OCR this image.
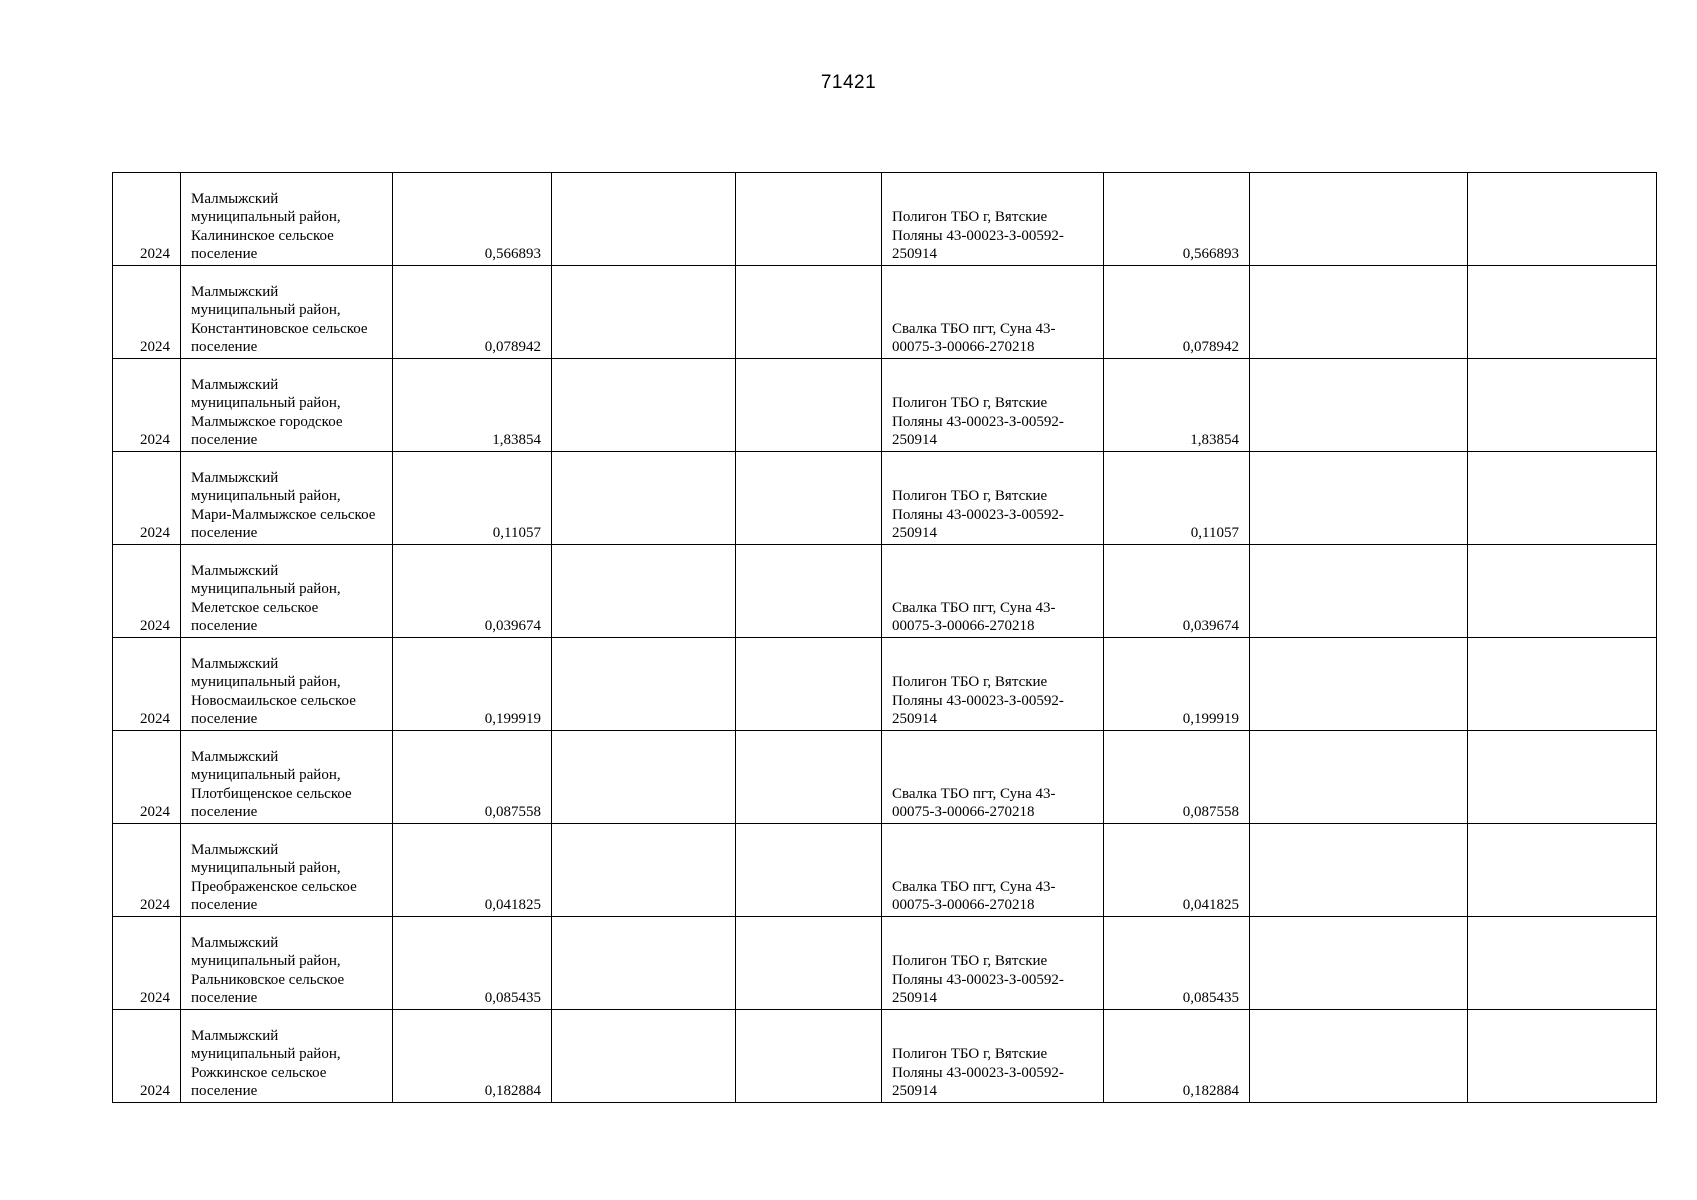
71421
2024	Малмыжский муниципальный район, Калининское сельское поселение	0,566893			Полигон ТБО г, Вятские Поляны 43-00023-З-00592-250914	0,566893		

2024	Малмыжский муниципальный район, Константиновское сельское поселение	0,078942			Свалка ТБО пгт, Суна 43-00075-З-00066-270218	0,078942		

2024	Малмыжский муниципальный район, Малмыжское городское поселение	1,83854			Полигон ТБО г, Вятские Поляны 43-00023-З-00592-250914	1,83854		

2024	Малмыжский муниципальный район, Мари-Малмыжское сельское поселение	0,11057			Полигон ТБО г, Вятские Поляны 43-00023-З-00592-250914	0,11057		

2024	Малмыжский муниципальный район, Мелетское сельское поселение	0,039674			Свалка ТБО пгт, Суна 43-00075-З-00066-270218	0,039674		

2024	Малмыжский муниципальный район, Новосмаильское сельское поселение	0,199919			Полигон ТБО г, Вятские Поляны 43-00023-З-00592-250914	0,199919		

2024	Малмыжский муниципальный район, Плотбищенское сельское поселение	0,087558			Свалка ТБО пгт, Суна 43-00075-З-00066-270218	0,087558		

2024	Малмыжский муниципальный район, Преображенское сельское поселение	0,041825			Свалка ТБО пгт, Суна 43-00075-З-00066-270218	0,041825		

2024	Малмыжский муниципальный район, Ральниковское сельское поселение	0,085435			Полигон ТБО г, Вятские Поляны 43-00023-З-00592-250914	0,085435		

2024	Малмыжский муниципальный район, Рожкинское сельское поселение	0,182884			Полигон ТБО г, Вятские Поляны 43-00023-З-00592-250914	0,182884		
